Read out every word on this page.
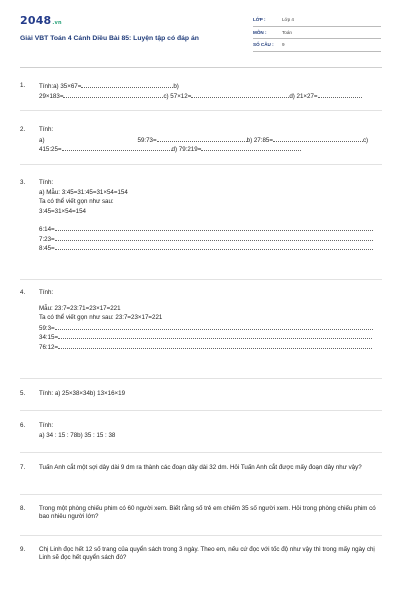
2048.vn
Giải VBT Toán 4 Cánh Diều Bài 85: Luyện tập có đáp án
LỚP :	Lớp 4
MÔN :	Toán
SỐ CÂU : 9
1.	Tính:a) 35×67=	b)
29×183=	c) 57×12=	d) 21×27=
2.	Tính:
a)	59:73=	b) 27:85=	c)
415:25=	d) 79:219=
3.	Tính:
a) Mẫu: 3:45=31:45=31×54=154
Ta có thể viết gọn như sau:
3:45=31×54=154
6:14=
7:23=
8:45=
4.	Tính:
Mẫu: 23:7=23:71=23×17=221
Ta có thể viết gọn như sau: 23:7=23×17=221
59:3=
34:15=
76:12=
5.	Tính: a) 25×38×34b) 13×16×19
6.	Tính:
a) 34 : 15 : 78b) 35 : 15 : 38
7.	Tuấn Anh cắt một sợi dây dài 9 dm ra thành các đoạn dây dài 32 dm. Hỏi Tuấn Anh cắt được mấy đoạn dây như vậy?
8.	Trong một phòng chiếu phim có 60 người xem. Biết rằng số trẻ em chiếm 35 số người xem. Hỏi trong phòng chiếu phim có bao nhiêu người lớn?
9.	Chị Linh đọc hết 12 số trang của quyển sách trong 3 ngày. Theo em, nếu cứ đọc với tốc độ như vậy thì trong mấy ngày chị Linh sẽ đọc hết quyển sách đó?
